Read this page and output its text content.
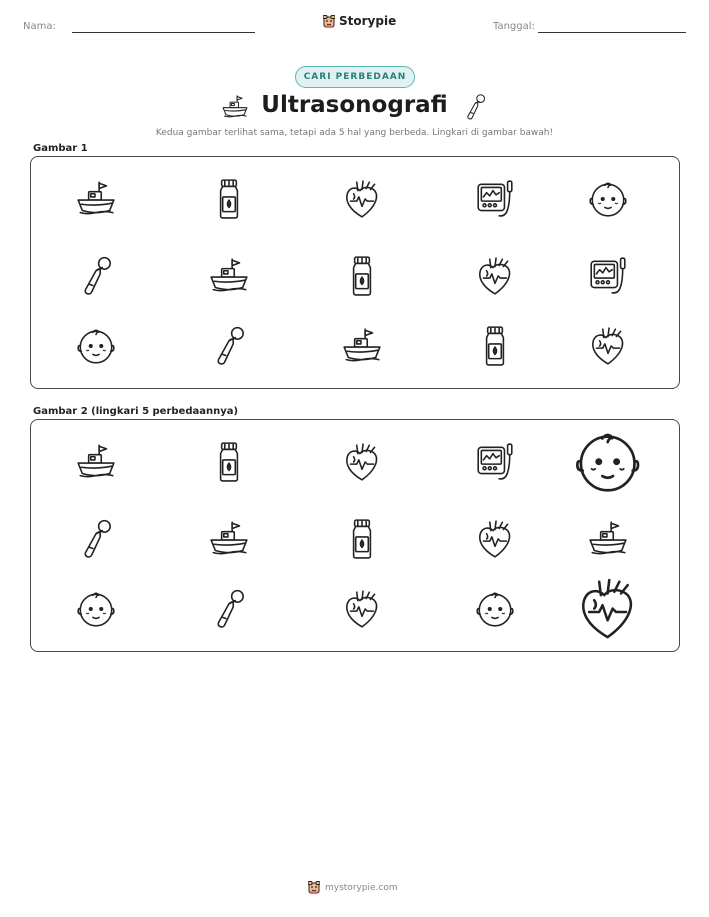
Nama:	Storypie	Tanggal:
CARI PERBEDAAN
Ultrasonografi
Kedua gambar terlihat sama, tetapi ada 5 hal yang berbeda. Lingkari di gambar bawah!
Gambar 1
Gambar 2 (lingkari 5 perbedaannya)
mystorypie.com
